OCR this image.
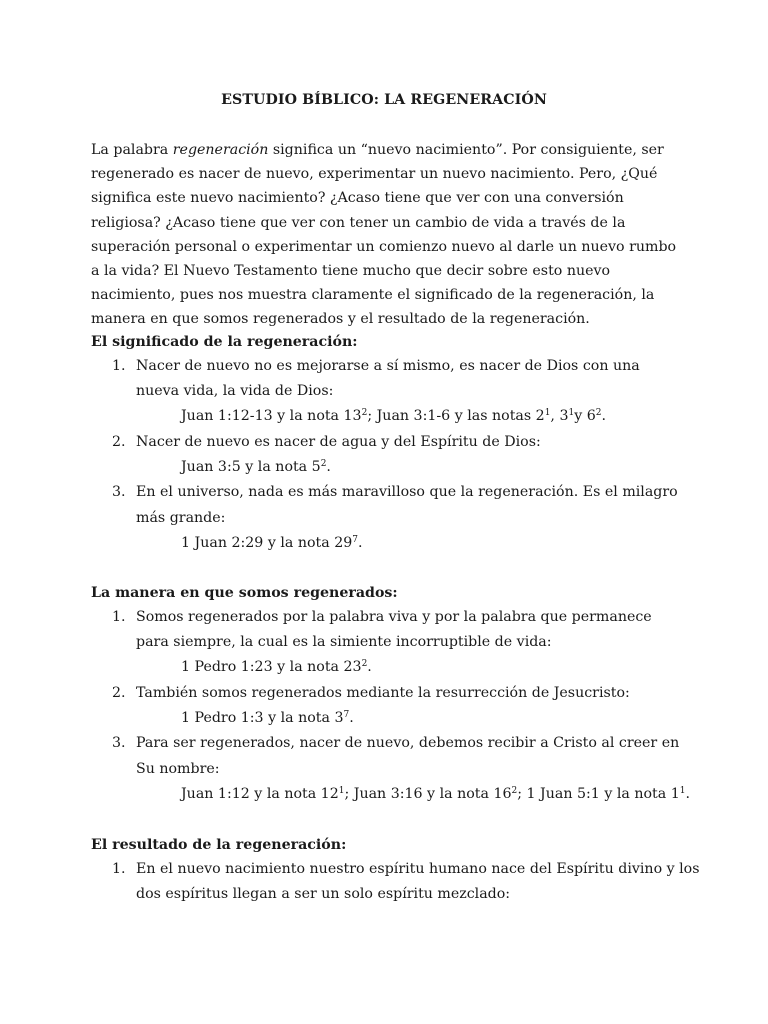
ESTUDIO BÍBLICO: LA REGENERACIÓN

La palabra regeneración significa un “nuevo nacimiento”. Por consiguiente, ser regenerado es nacer de nuevo, experimentar un nuevo nacimiento. Pero, ¿Qué significa este nuevo nacimiento? ¿Acaso tiene que ver con una conversión religiosa? ¿Acaso tiene que ver con tener un cambio de vida a través de la superación personal o experimentar un comienzo nuevo al darle un nuevo rumbo a la vida? El Nuevo Testamento tiene mucho que decir sobre esto nuevo nacimiento, pues nos muestra claramente el significado de la regeneración, la manera en que somos regenerados y el resultado de la regeneración.

El significado de la regeneración:

1. Nacer de nuevo no es mejorarse a sí mismo, es nacer de Dios con una nueva vida, la vida de Dios:
Juan 1:12-13 y la nota $13^2$; Juan 3:1-6 y las notas $2^1$, $3^1y$ $6^2$.
2. Nacer de nuevo es nacer de agua y del Espíritu de Dios:
Juan 3:5 y la nota $5^2$.
3. En el universo, nada es más maravilloso que la regeneración. Es el milagro más grande:
1 Juan 2:29 y la nota $29^7$.

La manera en que somos regenerados:

1. Somos regenerados por la palabra viva y por la palabra que permanece para siempre, la cual es la simiente incorruptible de vida:
1 Pedro 1:23 y la nota $23^2$.
2. También somos regenerados mediante la resurrección de Jesucristo:
1 Pedro 1:3 y la nota $3^7$.
3. Para ser regenerados, nacer de nuevo, debemos recibir a Cristo al creer en Su nombre:
Juan 1:12 y la nota $12^1$; Juan 3:16 y la nota $16^2$; 1 Juan 5:1 y la nota $1^1$.

El resultado de la regeneración:

1. En el nuevo nacimiento nuestro espíritu humano nace del Espíritu divino y los dos espíritus llegan a ser un solo espíritu mezclado:
